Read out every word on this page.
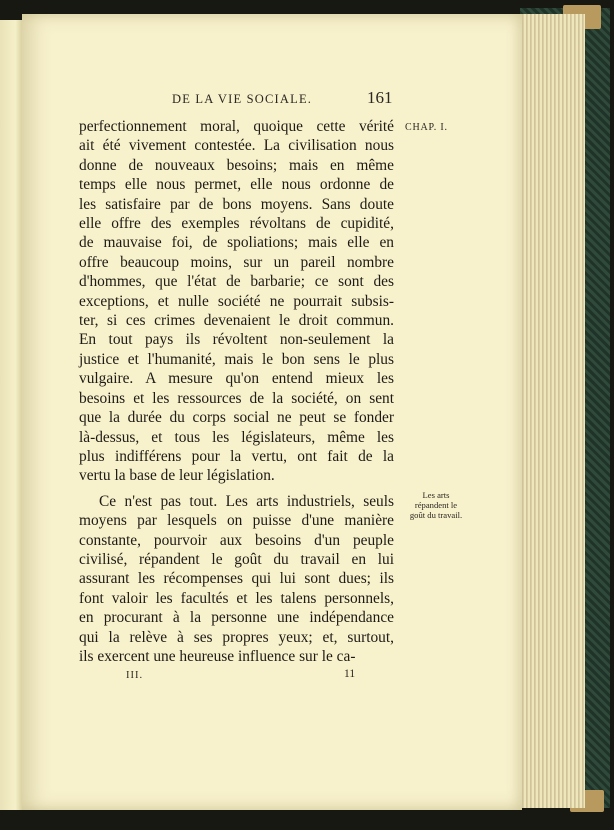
DE LA VIE SOCIALE.	161
CHAP. I.
perfectionnement moral, quoique cette vérité
ait été vivement contestée. La civilisation nous
donne de nouveaux besoins; mais en même
temps elle nous permet, elle nous ordonne de
les satisfaire par de bons moyens. Sans doute
elle offre des exemples révoltans de cupidité,
de mauvaise foi, de spoliations; mais elle en
offre beaucoup moins, sur un pareil nombre
d'hommes, que l'état de barbarie; ce sont des
exceptions, et nulle société ne pourrait subsis-
ter, si ces crimes devenaient le droit commun.
En tout pays ils révoltent non-seulement la
justice et l'humanité, mais le bon sens le plus
vulgaire. A mesure qu'on entend mieux les
besoins et les ressources de la société, on sent
que la durée du corps social ne peut se fonder
là-dessus, et tous les législateurs, même les
plus indifférens pour la vertu, ont fait de la
vertu la base de leur législation.
Ce n'est pas tout. Les arts industriels, seuls
moyens par lesquels on puisse d'une manière
constante, pourvoir aux besoins d'un peuple
civilisé, répandent le goût du travail en lui
assurant les récompenses qui lui sont dues; ils
font valoir les facultés et les talens personnels,
en procurant à la personne une indépendance
qui la relève à ses propres yeux; et, surtout,
ils exercent une heureuse influence sur le ca-
Les arts
répandent le
goût du travail.
III.	11
